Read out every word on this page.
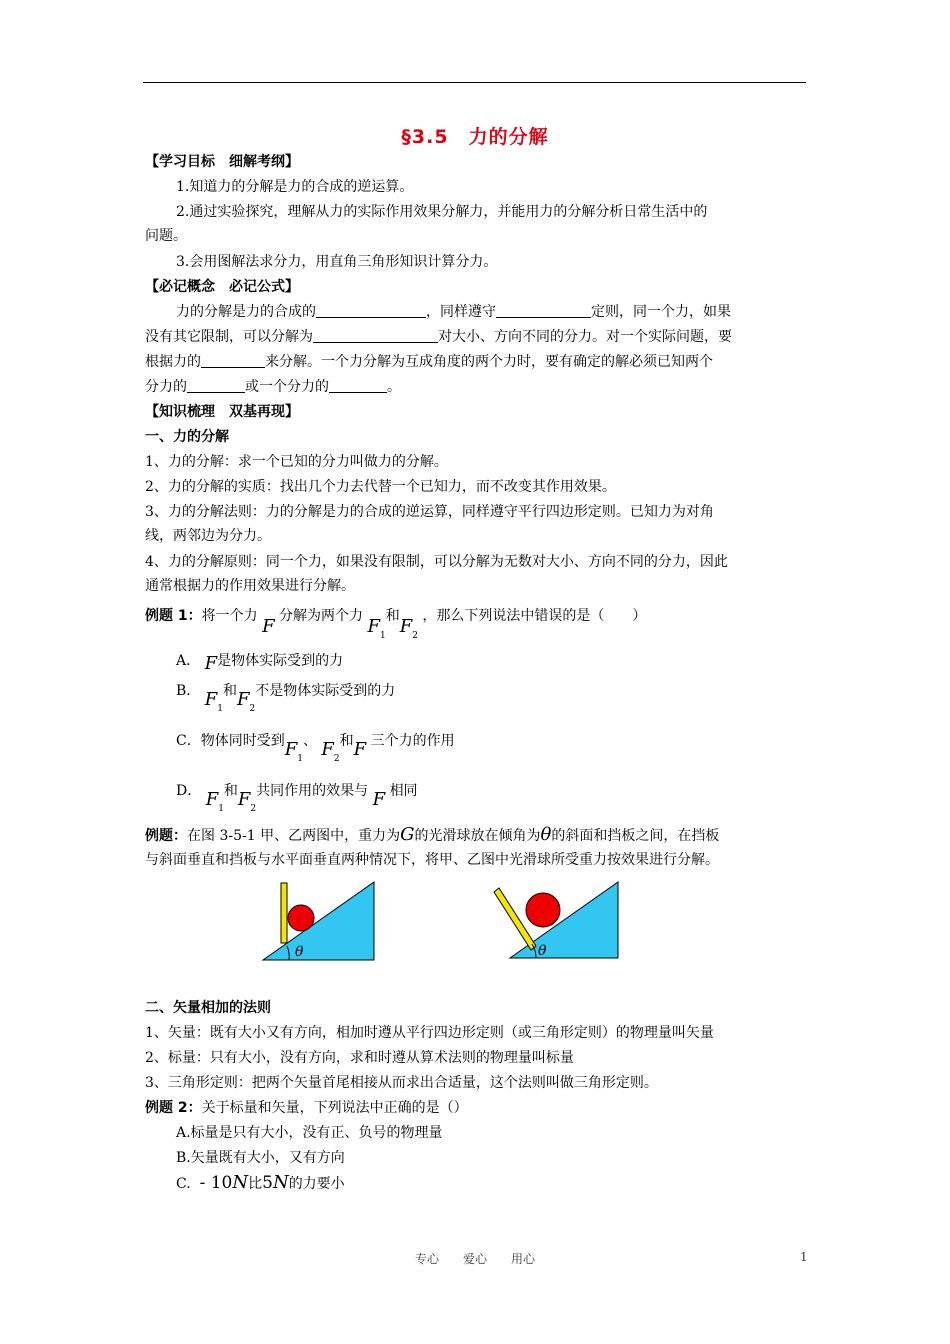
§3.5　力的分解
【学习目标　细解考纲】
1.知道力的分解是力的合成的逆运算。
2.通过实验探究，理解从力的实际作用效果分解力，并能用力的分解分析日常生活中的
问题。
3.会用图解法求分力，用直角三角形知识计算分力。
【必记概念　必记公式】
力的分解是力的合成的	，同样遵守	定则，同一个力，如果
没有其它限制，可以分解为	对大小、方向不同的分力。对一个实际问题，要
根据力的	来分解。一个力分解为互成角度的两个力时，要有确定的解必须已知两个
分力的	或一个分力的	。
【知识梳理　双基再现】
一、力的分解
1、力的分解：求一个已知的分力叫做力的分解。
2、力的分解的实质：找出几个力去代替一个已知力，而不改变其作用效果。
3、力的分解法则：力的分解是力的合成的逆运算，同样遵守平行四边形定则。已知力为对角
线，两邻边为分力。
4、力的分解原则：同一个力，如果没有限制，可以分解为无数对大小、方向不同的分力，因此
通常根据力的作用效果进行分解。
例题 1：将一个力 F 分解为两个力 $F_1$和$F_2$ ，那么下列说法中错误的是（　　）
A． F是物体实际受到的力
B． $F_1$和$F_2$不是物体实际受到的力
C．物体同时受到$F_1$、 $F_2$和F 三个力的作用
D． $F_1$和$F_2$共同作用的效果与 F 相同
例题：在图 3-5-1 甲、乙两图中，重力为G的光滑球放在倾角为θ的斜面和挡板之间，在挡板
与斜面垂直和挡板与水平面垂直两种情况下，将甲、乙图中光滑球所受重力按效果进行分解。
θ	θ
二、矢量相加的法则
1、矢量：既有大小又有方向，相加时遵从平行四边形定则（或三角形定则）的物理量叫矢量
2、标量：只有大小，没有方向，求和时遵从算术法则的物理量叫标量
3、三角形定则：把两个矢量首尾相接从而求出合适量，这个法则叫做三角形定则。
例题 2：关于标量和矢量，下列说法中正确的是（）
A.标量是只有大小，没有正、负号的物理量
B.矢量既有大小，又有方向
C. - 10N比5N的力要小
专心　　爱心　　用心	1
